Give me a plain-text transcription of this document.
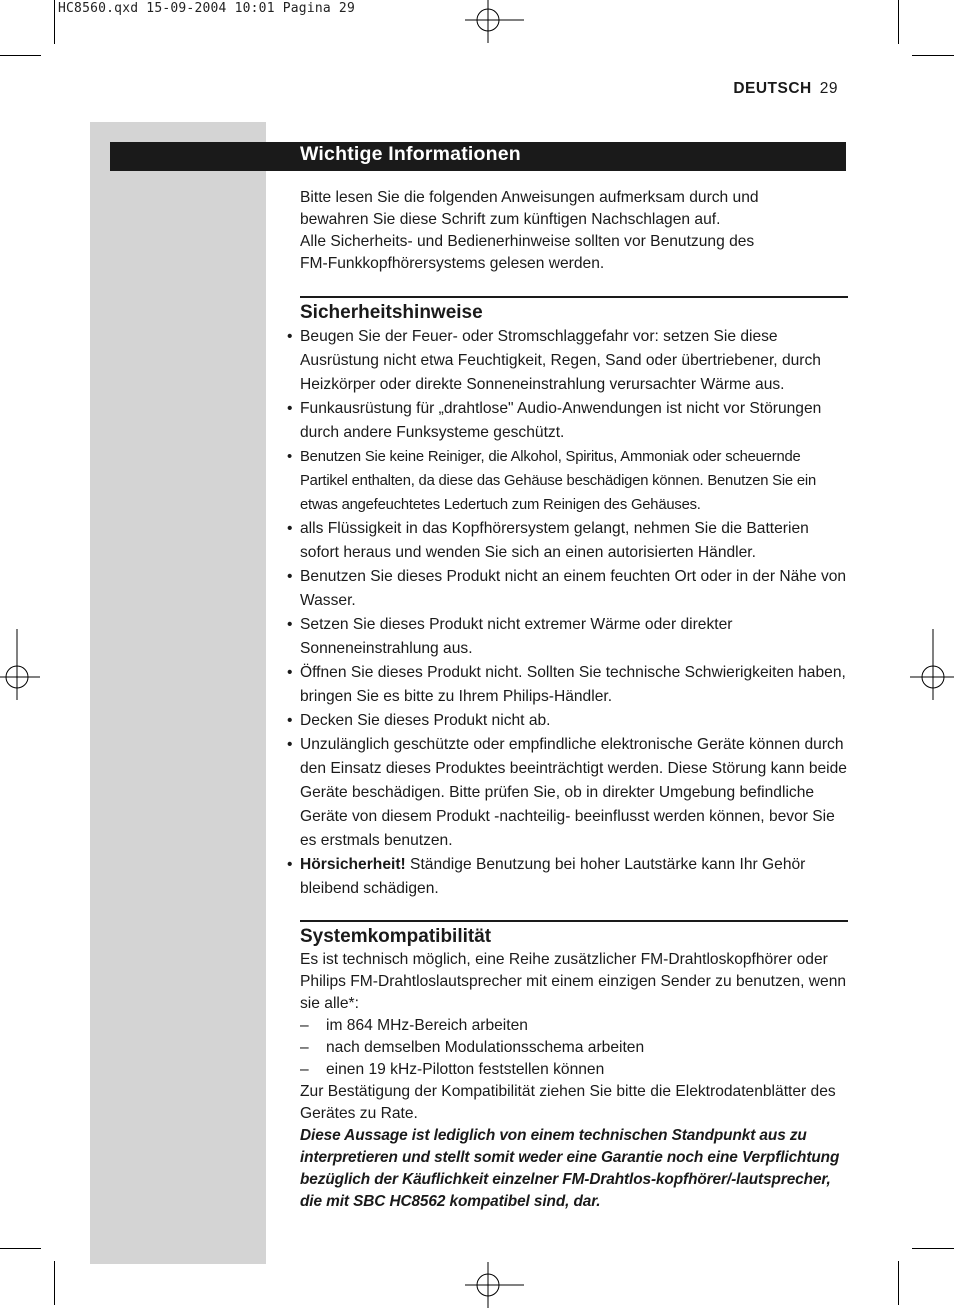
HC8560.qxd 15-09-2004 10:01 Pagina 29
DEUTSCH 29
Wichtige Informationen

Bitte lesen Sie die folgenden Anweisungen aufmerksam durch und

bewahren Sie diese Schrift zum künftigen Nachschlagen auf.

Alle Sicherheits- und Bedienerhinweise sollten vor Benutzung des

FM-Funkkopfhörersystems gelesen werden.

Sicherheitshinweise
• Beugen Sie der Feuer- oder Stromschlaggefahr vor: setzen Sie diese Ausrüstung nicht etwa Feuchtigkeit, Regen, Sand oder übertriebener, durch Heizkörper oder direkte Sonneneinstrahlung verursachter Wärme aus.
• Funkausrüstung für „drahtlose" Audio-Anwendungen ist nicht vor Störungen durch andere Funksysteme geschützt.
• Benutzen Sie keine Reiniger, die Alkohol, Spiritus, Ammoniak oder scheuernde Partikel enthalten, da diese das Gehäuse beschädigen können. Benutzen Sie ein etwas angefeuchtetes Ledertuch zum Reinigen des Gehäuses.
• alls Flüssigkeit in das Kopfhörersystem gelangt, nehmen Sie die Batterien sofort heraus und wenden Sie sich an einen autorisierten Händler.
• Benutzen Sie dieses Produkt nicht an einem feuchten Ort oder in der Nähe von Wasser.
• Setzen Sie dieses Produkt nicht extremer Wärme oder direkter Sonneneinstrahlung aus.
• Öffnen Sie dieses Produkt nicht. Sollten Sie technische Schwierigkeiten haben, bringen Sie es bitte zu Ihrem Philips-Händler.
• Decken Sie dieses Produkt nicht ab.
• Unzulänglich geschützte oder empfindliche elektronische Geräte können durch den Einsatz dieses Produktes beeinträchtigt werden. Diese Störung kann beide Geräte beschädigen. Bitte prüfen Sie, ob in direkter Umgebung befindliche Geräte von diesem Produkt -nachteilig- beeinflusst werden können, bevor Sie es erstmals benutzen.
• Hörsicherheit! Ständige Benutzung bei hoher Lautstärke kann Ihr Gehör bleibend schädigen.
Systemkompatibilität

Es ist technisch möglich, eine Reihe zusätzlicher FM-Drahtloskopfhörer oder Philips FM-Drahtloslautsprecher mit einem einzigen Sender zu benutzen, wenn sie alle*:

– im 864 MHz-Bereich arbeiten
– nach demselben Modulationsschema arbeiten
– einen 19 kHz-Pilotton feststellen können

Zur Bestätigung der Kompatibilität ziehen Sie bitte die Elektrodatenblätter des Gerätes zu Rate.

Diese Aussage ist lediglich von einem technischen Standpunkt aus zu interpretieren und stellt somit weder eine Garantie noch eine Verpflichtung bezüglich der Käuflichkeit einzelner FM-Drahtlos-kopfhörer/-lautsprecher, die mit SBC HC8562 kompatibel sind, dar.
